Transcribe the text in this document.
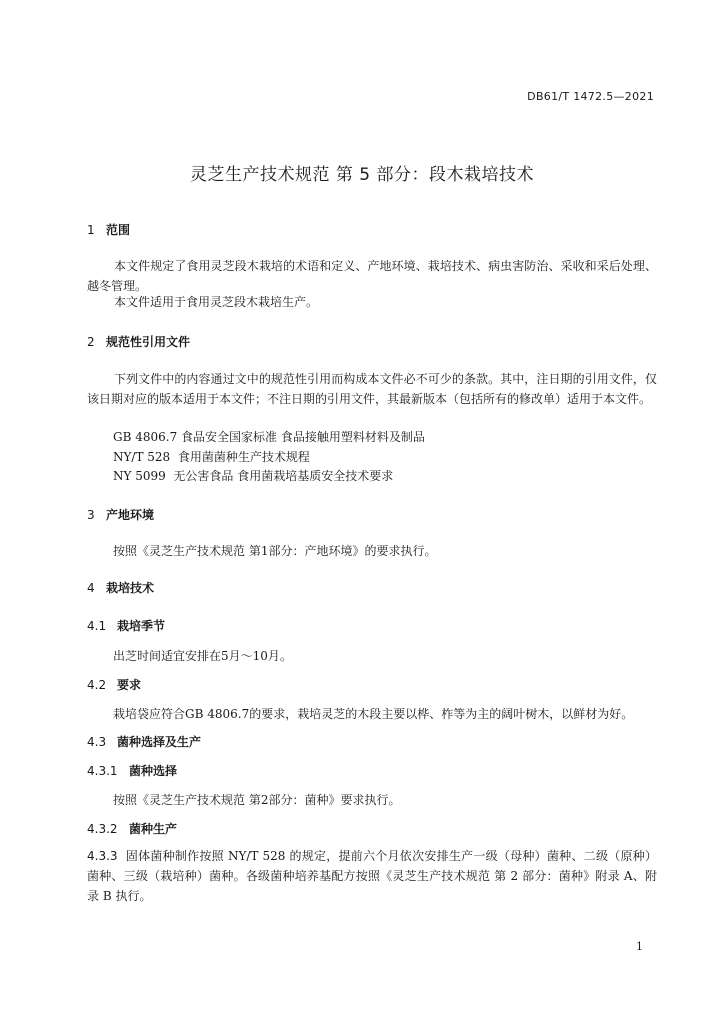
DB61/T 1472.5—2021
灵芝生产技术规范 第 5 部分：段木栽培技术
1 范围
本文件规定了食用灵芝段木栽培的术语和定义、产地环境、栽培技术、病虫害防治、采收和采后处理、越冬管理。
本文件适用于食用灵芝段木栽培生产。
2 规范性引用文件
下列文件中的内容通过文中的规范性引用而构成本文件必不可少的条款。其中，注日期的引用文件，仅该日期对应的版本适用于本文件；不注日期的引用文件，其最新版本（包括所有的修改单）适用于本文件。
GB 4806.7 食品安全国家标准 食品接触用塑料材料及制品
NY/T 528  食用菌菌种生产技术规程
NY 5099  无公害食品 食用菌栽培基质安全技术要求
3 产地环境
按照《灵芝生产技术规范 第1部分：产地环境》的要求执行。
4 栽培技术
4.1 栽培季节
出芝时间适宜安排在5月～10月。
4.2 要求
栽培袋应符合GB 4806.7的要求，栽培灵芝的木段主要以桦、柞等为主的阔叶树木，以鲜材为好。
4.3 菌种选择及生产
4.3.1 菌种选择
按照《灵芝生产技术规范 第2部分：菌种》要求执行。
4.3.2 菌种生产
4.3.3 固体菌种制作按照 NY/T 528 的规定，提前六个月依次安排生产一级（母种）菌种、二级（原种）菌种、三级（栽培种）菌种。各级菌种培养基配方按照《灵芝生产技术规范 第 2 部分：菌种》附录 A、附录 B 执行。
1
